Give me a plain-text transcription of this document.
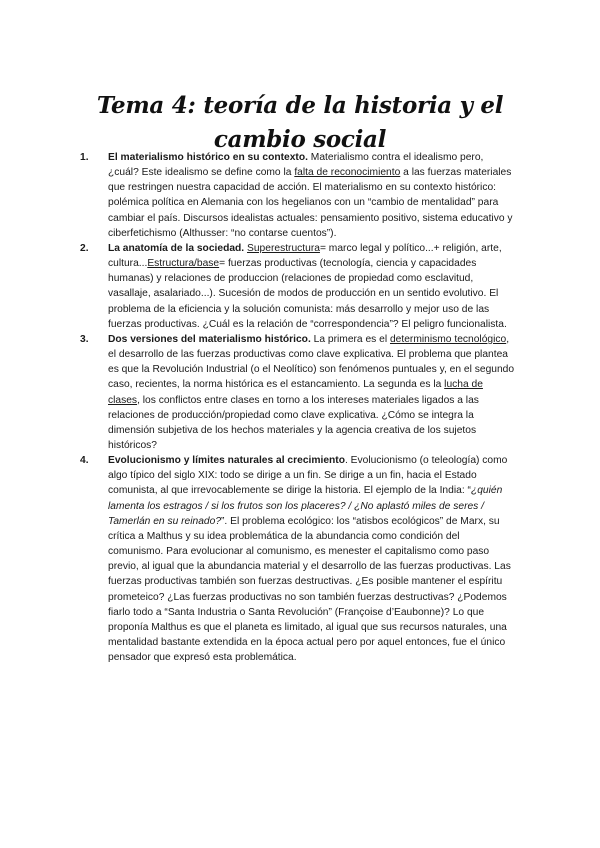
Tema 4: teoría de la historia y el cambio social
1. El materialismo histórico en su contexto. Materialismo contra el idealismo pero, ¿cuál? Este idealismo se define como la falta de reconocimiento a las fuerzas materiales que restringen nuestra capacidad de acción. El materialismo en su contexto histórico: polémica política en Alemania con los hegelianos con un “cambio de mentalidad” para cambiar el país. Discursos idealistas actuales: pensamiento positivo, sistema educativo y ciberfetichismo (Althusser: “no contarse cuentos”).
2. La anatomía de la sociedad. Superestructura= marco legal y político...+ religión, arte, cultura...Estructura/base= fuerzas productivas (tecnología, ciencia y capacidades humanas) y relaciones de produccion (relaciones de propiedad como esclavitud, vasallaje, asalariado...). Sucesión de modos de producción en un sentido evolutivo. El problema de la eficiencia y la solución comunista: más desarrollo y mejor uso de las fuerzas productivas. ¿Cuál es la relación de “correspondencia”? El peligro funcionalista.
3. Dos versiones del materialismo histórico. La primera es el determinismo tecnológico, el desarrollo de las fuerzas productivas como clave explicativa. El problema que plantea es que la Revolución Industrial (o el Neolítico) son fenómenos puntuales y, en el segundo caso, recientes, la norma histórica es el estancamiento. La segunda es la lucha de clases, los conflictos entre clases en torno a los intereses materiales ligados a las relaciones de producción/propiedad como clave explicativa. ¿Cómo se integra la dimensión subjetiva de los hechos materiales y la agencia creativa de los sujetos históricos?
4. Evolucionismo y límites naturales al crecimiento. Evolucionismo (o teleología) como algo típico del siglo XIX: todo se dirige a un fin. Se dirige a un fin, hacia el Estado comunista, al que irrevocablemente se dirige la historia. El ejemplo de la India: “¿quién lamenta los estragos / si los frutos son los placeres? / ¿No aplastó miles de seres / Tamerlán en su reinado?”. El problema ecológico: los “atisbos ecológicos” de Marx, su crítica a Malthus y su idea problemática de la abundancia como condición del comunismo. Para evolucionar al comunismo, es menester el capitalismo como paso previo, al igual que la abundancia material y el desarrollo de las fuerzas productivas. Las fuerzas productivas también son fuerzas destructivas. ¿Es posible mantener el espíritu prometeico? ¿Las fuerzas productivas no son también fuerzas destructivas? ¿Podemos fiarlo todo a “Santa Industria o Santa Revolución” (Françoise d’Eaubonne)? Lo que proponía Malthus es que el planeta es limitado, al igual que sus recursos naturales, una mentalidad bastante extendida en la época actual pero por aquel entonces, fue el único pensador que expresó esta problemática.
